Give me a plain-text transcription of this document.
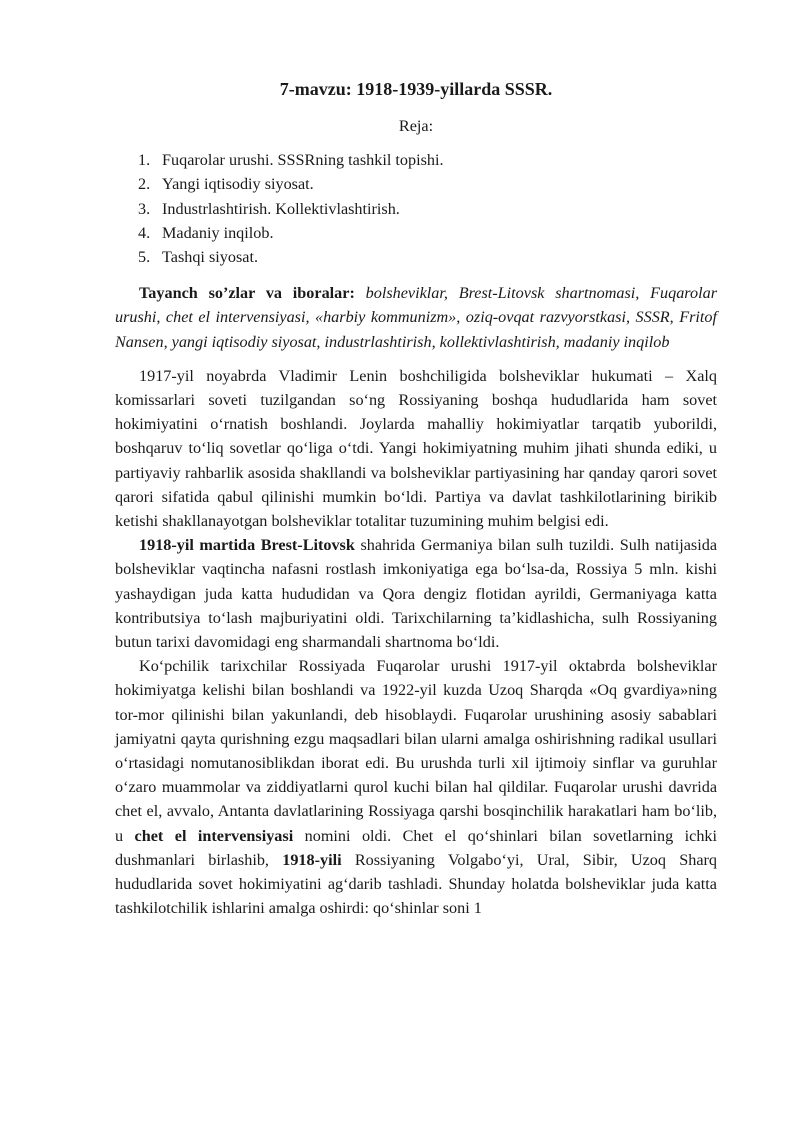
7-mavzu: 1918-1939-yillarda SSSR.
Reja:
1. Fuqarolar urushi. SSSRning tashkil topishi.
2. Yangi iqtisodiy siyosat.
3. Industrlashtirish. Kollektivlashtirish.
4. Madaniy inqilob.
5. Tashqi siyosat.

Tayanch so’zlar va iboralar: bolsheviklar, Brest-Litovsk shartnomasi, Fuqarolar urushi, chet el intervensiyasi, «harbiy kommunizm», oziq-ovqat razvyorstkasi, SSSR, Fritof Nansen, yangi iqtisodiy siyosat, industrlashtirish, kollektivlashtirish, madaniy inqilob

1917-yil noyabrda Vladimir Lenin boshchiligida bolsheviklar hukumati – Xalq komissarlari soveti tuzilgandan so‘ng Rossiyaning boshqa hududlarida ham sovet hokimiyatini o‘rnatish boshlandi. Joylarda mahalliy hokimiyatlar tarqatib yuborildi, boshqaruv to‘liq sovetlar qo‘liga o‘tdi. Yangi hokimiyatning muhim jihati shunda ediki, u partiyaviy rahbarlik asosida shakllandi va bolsheviklar partiyasining har qanday qarori sovet qarori sifatida qabul qilinishi mumkin bo‘ldi. Partiya va davlat tashkilotlarining birikib ketishi shakllanayotgan bolsheviklar totalitar tuzumining muhim belgisi edi.

1918-yil martida Brest-Litovsk shahrida Germaniya bilan sulh tuzildi. Sulh natijasida bolsheviklar vaqtincha nafasni rostlash imkoniyatiga ega bo‘lsa-da, Rossiya 5 mln. kishi yashaydigan juda katta hududidan va Qora dengiz flotidan ayrildi, Germaniyaga katta kontributsiya to‘lash majburiyatini oldi. Tarixchilarning ta’kidlashicha, sulh Rossiyaning butun tarixi davomidagi eng sharmandali shartnoma bo‘ldi.

Ko‘pchilik tarixchilar Rossiyada Fuqarolar urushi 1917-yil oktabrda bolsheviklar hokimiyatga kelishi bilan boshlandi va 1922-yil kuzda Uzoq Sharqda «Oq gvardiya»ning tor-mor qilinishi bilan yakunlandi, deb hisoblaydi. Fuqarolar urushining asosiy sabablari jamiyatni qayta qurishning ezgu maqsadlari bilan ularni amalga oshirishning radikal usullari o‘rtasidagi nomutanosiblikdan iborat edi. Bu urushda turli xil ijtimoiy sinflar va guruhlar o‘zaro muammolar va ziddiyatlarni qurol kuchi bilan hal qildilar. Fuqarolar urushi davrida chet el, avvalo, Antanta davlatlarining Rossiyaga qarshi bosqinchilik harakatlari ham bo‘lib, u chet el intervensiyasi nomini oldi. Chet el qo‘shinlari bilan sovetlarning ichki dushmanlari birlashib, 1918-yili Rossiyaning Volgabo‘yi, Ural, Sibir, Uzoq Sharq hududlarida sovet hokimiyatini ag‘darib tashladi. Shunday holatda bolsheviklar juda katta tashkilotchilik ishlarini amalga oshirdi: qo‘shinlar soni 1
